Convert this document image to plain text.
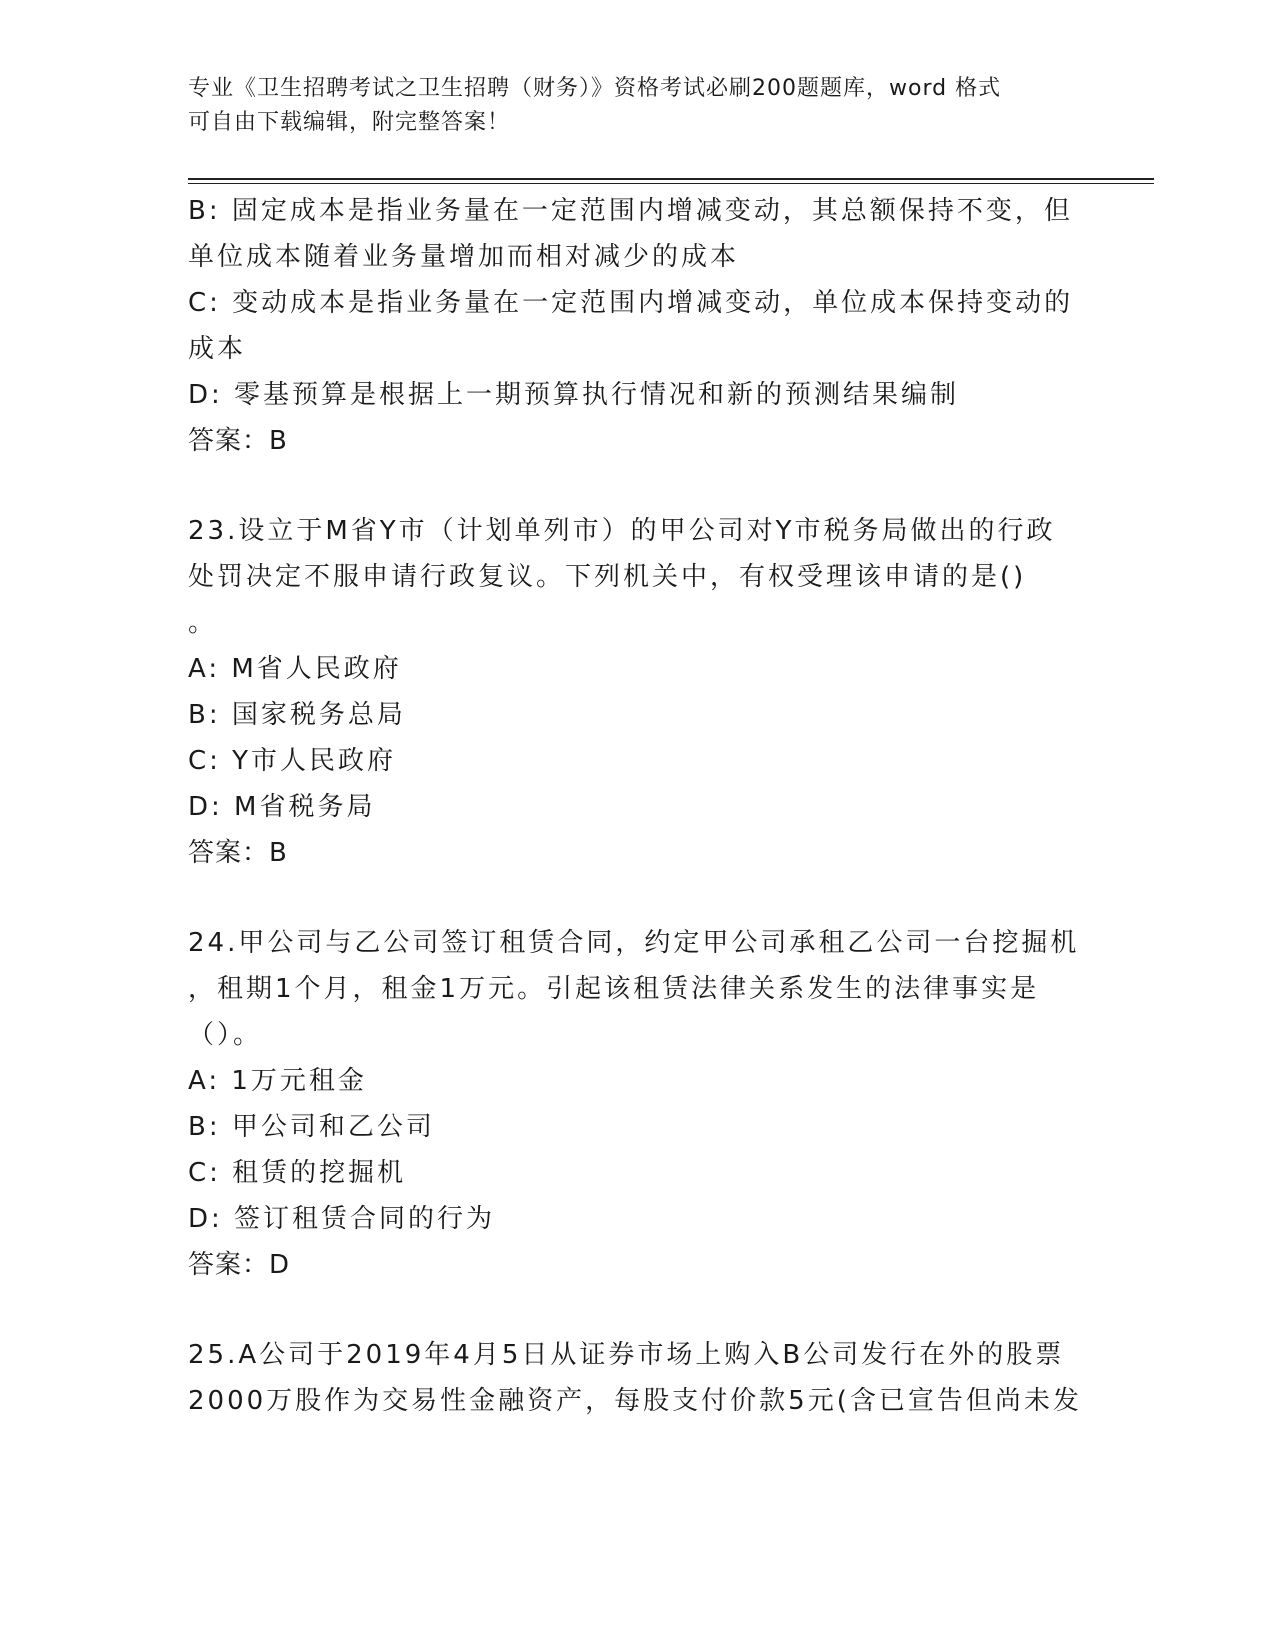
专业《卫生招聘考试之卫生招聘（财务）》资格考试必刷200题题库，word 格式
可自由下载编辑，附完整答案！
B: 固定成本是指业务量在一定范围内增减变动，其总额保持不变，但
单位成本随着业务量增加而相对减少的成本
C: 变动成本是指业务量在一定范围内增减变动，单位成本保持变动的
成本
D: 零基预算是根据上一期预算执行情况和新的预测结果编制
答案：B
23.设立于M省Y市（计划单列市）的甲公司对Y市税务局做出的行政
处罚决定不服申请行政复议。下列机关中，有权受理该申请的是()
。
A: M省人民政府
B: 国家税务总局
C: Y市人民政府
D: M省税务局
答案：B
24.甲公司与乙公司签订租赁合同，约定甲公司承租乙公司一台挖掘机
，租期1个月，租金1万元。引起该租赁法律关系发生的法律事实是
（）。
A: 1万元租金
B: 甲公司和乙公司
C: 租赁的挖掘机
D: 签订租赁合同的行为
答案：D
25.A公司于2019年4月5日从证券市场上购入B公司发行在外的股票
2000万股作为交易性金融资产，每股支付价款5元(含已宣告但尚未发
